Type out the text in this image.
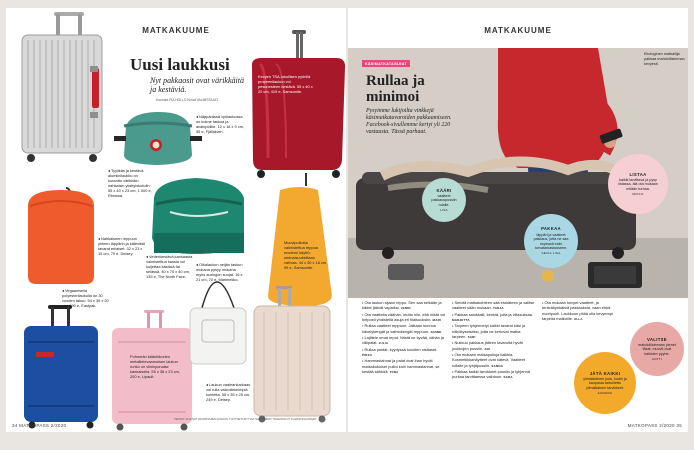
MATKAKUUME
Uusi laukkusi
Nyt pakkaosit ovat värikkäitä ja kestäviä.
Koonnut PIA HOLLO Kuvat VALMISTAJAT
◂ Näppärässä vyölaukussa on kolme taskua ja avainpidike. 12 x 18 x 9 cm, 55 e, Fjällräven.
Kevyen TSA-lukollisen pyörillä propeenilaukun voi pesunesteen kestävä. 55 x 40 x 20 cm, 419 e, Samsonite.
◂ Tyylikäs ja kestävä alumiinilaukku on kuranttu värikkäin nahkaisin yksityiskohdin. 55 x 40 x 23 cm, 1 000 e, Rimowa.
◂ Nahkaiseen reppuun yhteen läppärin ja kätevästi tavarat erilaiset. 32 x 23 x 15 cm, 79 e, Delsey.
◂ Vedenkestävä kankaasta valmistettua kassia voi kuljettaa käsissä tai selässä. 40 x 70 x 40 cm, 135 e, The North Face.
Muovipullosta valmistettua reppua moderni käyttö: ominaisuuksiltaan vahvaa. 44 x 30 x 16 cm, 99 e, Samsonite.
◂ Olkalaukun neljän taskun mukana pysyy mukana myös auringon suojat. 16 x 21 cm, 70 e, Marimekko.
◂ Vegaanisella polyesterilaukulla on 30 vuoden takuu. 54 x 39 x 20 cm, 190 e, Eastpak.
Pohmeän kääntökorien metallielevaamoisen laukun runko on viininpunaise kankaisella. 55 x 38 x 23 cm, 200 e, Lipault.
◂ Laukun vaaleankarkaan voi rulla vakiotärkeimpiä kohteita. 55 x 35 x 25 cm, 249 e, Delsey.
TEKSTIT JA KUVAT VALMISTAJIEN MUKAAN. TUOTTEITA MYYVÄT SUUREMMAT TAVARATALOT JA ERIKOISLIIKKEET.
34 MATKOPASS 2/2020
MATKAKUUME
KÄSIMATKATAVARAT
Rullaa ja
minimoi
Pysyimme lukijoilta vinkkejä käsimatkatavaroiden pakkaamiseen. Facebook-sivullemme kertyi yli 220 vastausta. Tässä parhaat.
Ekologinen matkailija pakkaa mahdollisimman kevyesti.
KÄÄRI
vaatteet pakkauspussiin rulalle.
LISA
PAKKAA
läppäri ja vaatteet pakkaus, jotta ne saa nopeasti esiin turvatarkastukseen.
SEVIA LISA
LISTAA
kaikki tarvittava ja pysy listassa, älä ota mukaan mitään turhaa.
MIKKO
VALITSE
mahdollisimman pienet tilaat, muovit ovat kaikkien pyyhe.
ANTTI
JÄTÄ KAIKKI
ylimääräinen pois, kodin ja kaupasta tarkoitettu ylimalkaisen tarvikkeet.
AURORA

• Ota laukun sijaan reppu. Sen saa selkään ja kädet jäävät vapaiksi. JENNI

• Ota vaatteita väähän, mutta niin, että niistä voi helposti yhdistellä asuja eri tilaisuuksiin. MARI

• Rullaa vaatteet reppuun. Jalkaan kunnon kävelykengät ja vaihtokengät reppuun. JANNE

• Lajittele omat reput. Niistä ne kyvää, vähän ja välipalat. JULIA

• Rullaa paidat, kyydyssä koodien sisäaset. PIRJO

• Hammastahnat ja palat ovat ihan hyvät matkakokoiset pullot kuin hammastahnat, se kestää sähköä. TIINA

• Selvitä matkakohteen sää etukäteen ja valitse vaatteet sään mukaan. TARJA

• Pakkaa sandaalit, kenkiä, joita ja villasuksaa. MARJETTA

• Tarpeen tyhjennetyt kaikki tavarat käsi ja näkökyseiseksi, jotta ne kertovat matka tarpeen. SARI

• Nukkuu pakkaus jälleen tavaroita hyvät joukkojen pussiin. ARI

• Ota mukaan matkapulloja kaikkia. Kosmetiikkanäytteet ovat kätevä. Vaatteet rullalle ja tyhjäpussiin. SANNA

• Pakkaa kaikki tarvikkeet pussiin ja tyhjennä purkaa tarvittaessa vaihtoon. SARA

• Ota mukaan kevyet vaatteet, ja teräväkynkäisiä pakkauksia, vaan ehkä nuoripuoli. Laukkuun pitää olla kevyempi tarpeita matkoille. ALLA

MATKOPASS 2/2020 35
